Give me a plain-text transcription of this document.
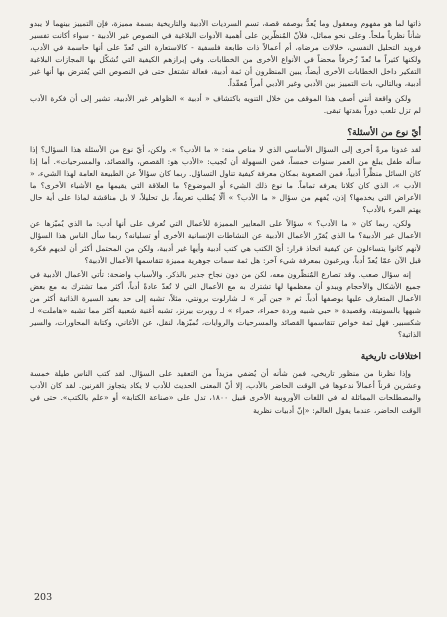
ذاتها لما هو مفهوم ومعقول وما يُعدُّ بوصفه قصة، تسم السرديات الأدبية والتاريخية بسمة مميزة، فإن التمييز بينهما لا يبدو شأناً نظرياً ملحاً. وعلى نحو مماثل، فلأنّ المُنظّرين على أهمية الأدوات البلاغية في النصوص غير الأدبية - سواء أكانت تفسير فرويد التحليل النفسي، خلالات مرضاه، أم أعمالاً ذات طابعة فلسفية - كالاستعارة التي تُعدّ على أنها حاسمة في الأدب، ولكنها كثيراً ما تُعدّ زُخرفاً محضاً في الأنواع الأخرى من الخطابات. وفي إبرازهم الكيفية التي تُشكّل بها المجازات البلاغية التفكير داخل الخطابات الأخرى أيضاً، يبين المنظرون أن ثمة أدبية، فعالة تشتغل حتى في النصوص التي يُفترض بها أنها غير أدبية، وبالتالي، بات التمييز بين الأدبي وغير الأدبي أمراً مُعقّداً.

ولكن واقعة أنني أصف هذا الموقف من خلال التنويه باكتشاف « أدبية » الظواهر غير الأدبية، تشير إلى أن فكرة الأدب لم تزل تلعب دوراً بقدتها تبقى.

أيّ نوع من الأسئلة؟

لقد غدونا مرةً أخرى إلى السؤال الأساسي الذي لا مناص منه: « ما الأدب؟ ». ولكن، أيّ نوع من الأسئلة هذا السؤال؟ إذا سأله طفل يبلغ من العمر سنوات خمساً، فمن السهولة أن تُجيب: «الأدب هو: القصص، والقصائد، والمسرحيات». أما إذا كان السائل منظِّراً أدبياً، فمن الصعوبة بمكان معرفة كيفية تناول التساؤل. ربما كان سؤالاً عن الطبيعة العامة لهذا الشيء، « الأدب »، الذي كان كلانا يعرفه تماماً. ما نوع ذلك الشيء أو الموضوع؟ ما العلاقة التي يقيمها مع الأشياء الأخرى؟ ما الأعراض التي يخدمها؟ إذن، يُفهم من سؤال « ما الأدب؟ » ألّا يُطلب تعريفاً، بل تحليلاً، لا بل مناقشة لماذا على أية حال يهتم المرء بالأدب؟

ولكن، ربما كان « ما الأدب؟ » سؤالاً على المعايير المميزة للأعمال التي تُعرف على أنها أدب: ما الذي يُميّزها عن الأعمال غير الأدبية؟ ما الذي يُقرّر الأعمال الأدبية عن النشاطات الإنسانية الأخرى أو تسليانه؟ ربما سأل الناس هذا السؤال لأنهم كانوا يتساءلون عن كيفية اتخاذ قرار: أيّ الكتب هي كتب أدبية وأيها غير أدبية، ولكن من المحتمل أكثر أن لديهم فكرة قبل الآن عمّا يُعدّ أدباً، ويرغبون بمعرفة شيء آخر: هل ثمة سمات جوهرية مميزة تتقاسمها الأعمال الأدبية؟

إنه سؤال صعب. وقد تصارع المُنظّرون معه، لكن من دون نجاح جدير بالذكر. والأسباب واضحة: تأتي الأعمال الأدبية في جميع الأشكال والأحجام ويبدو أن معظمها لها تشترك به مع الأعمال التي لا تُعدّ عادةً أدباً، أكثر مما تشترك به مع بعض الأعمال المتعارف عليها بوصفها أدباً. ثم « جين آير » لـ شارلوت برونتي، مثلاً، تشبه إلى حد بعيد السيرة الذاتية أكثر من شبهها بالسونيتة، وقصيدة « حبي شبيه وردة حمراء، حمراء » لـ روبرت بيرنز، تشبه أغنية شعبية أكثر مما تشبه «هاملت» لـ شكسبير. فهل ثمة خواص تتقاسمها القصائد والمسرحيات والروايات، تُميّزها، لنقل، عن الأغاني، وكتابة المحاورات، والسير الذاتية؟

اختلافات تاريخية

وإذا نظرنا من منظور تاريخي، فمن شأنه أن يُضفي مزيداً من التعقيد على السؤال. لقد كتب الناس طيلة خمسة وعشرين قرناً أعمالاً ندعوها في الوقت الحاضر بالأدب، إلا أنّ المعنى الحديث للأدب لا يكاد يتجاوز القرنين. لقد كان الأدب والمصطلحات المماثلة له في اللغات الأوروبية الأخرى قبيل ١٨٠٠، تدل على «صناعة الكتابة» أو «علم بالكتب». حتى في الوقت الحاضر، عندما يقول العالم: «إنّ أدبيات نظرية

203
